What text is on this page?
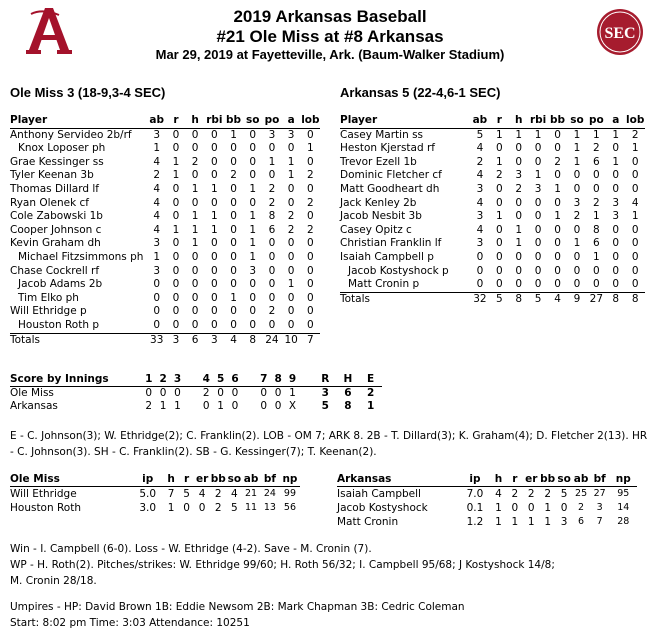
SEC
2019 Arkansas Baseball
#21 Ole Miss at #8 Arkansas
Mar 29, 2019 at Fayetteville, Ark. (Baum-Walker Stadium)
Ole Miss 3 (18-9,3-4 SEC)	Arkansas 5 (22-4,6-1 SEC)
Player	ab	r	h	rbi	bb	so	po	a	lob
Anthony Servideo 2b/rf	3	0	0	0	1	0	3	3	0
Knox Loposer ph	1	0	0	0	0	0	0	0	1
Grae Kessinger ss	4	1	2	0	0	0	1	1	0
Tyler Keenan 3b	2	1	0	0	2	0	0	1	2
Thomas Dillard lf	4	0	1	1	0	1	2	0	0
Ryan Olenek cf	4	0	0	0	0	0	2	0	2
Cole Zabowski 1b	4	0	1	1	0	1	8	2	0
Cooper Johnson c	4	1	1	1	0	1	6	2	2
Kevin Graham dh	3	0	1	0	0	1	0	0	0
Michael Fitzsimmons ph	1	0	0	0	0	1	0	0	0
Chase Cockrell rf	3	0	0	0	0	3	0	0	0
Jacob Adams 2b	0	0	0	0	0	0	0	1	0
Tim Elko ph	0	0	0	0	1	0	0	0	0
Will Ethridge p	0	0	0	0	0	0	2	0	0
Houston Roth p	0	0	0	0	0	0	0	0	0
Totals	33	3	6	3	4	8	24	10	7
Player	ab	r	h	rbi	bb	so	po	a	lob
Casey Martin ss	5	1	1	1	0	1	1	1	2
Heston Kjerstad rf	4	0	0	0	0	1	2	0	1
Trevor Ezell 1b	2	1	0	0	2	1	6	1	0
Dominic Fletcher cf	4	2	3	1	0	0	0	0	0
Matt Goodheart dh	3	0	2	3	1	0	0	0	0
Jack Kenley 2b	4	0	0	0	0	3	2	3	4
Jacob Nesbit 3b	3	1	0	0	1	2	1	3	1
Casey Opitz c	4	0	1	0	0	0	8	0	0
Christian Franklin lf	3	0	1	0	0	1	6	0	0
Isaiah Campbell p	0	0	0	0	0	0	1	0	0
Jacob Kostyshock p	0	0	0	0	0	0	0	0	0
Matt Cronin p	0	0	0	0	0	0	0	0	0
Totals	32	5	8	5	4	9	27	8	8
Score by Innings	1	2	3		4	5	6		7	8	9		R	H	E
Ole Miss	0	0	0		2	0	0		0	0	1		3	6	2
Arkansas	2	1	1		0	1	0		0	0	X		5	8	1
E - C. Johnson(3); W. Ethridge(2); C. Franklin(2). LOB - OM 7; ARK 8. 2B - T. Dillard(3); K. Graham(4); D. Fletcher 2(13). HR - C. Johnson(3). SH - C. Franklin(2). SB - G. Kessinger(7); T. Keenan(2).
Ole Miss	ip	h	r	er	bb	so	ab	bf	np
Will Ethridge	5.0	7	5	4	2	4	21	24	99
Houston Roth	3.0	1	0	0	2	5	11	13	56
Arkansas	ip	h	r	er	bb	so	ab	bf	np
Isaiah Campbell	7.0	4	2	2	2	5	25	27	95
Jacob Kostyshock	0.1	1	0	0	1	0	2	3	14
Matt Cronin	1.2	1	1	1	1	3	6	7	28
Win - I. Campbell (6-0). Loss - W. Ethridge (4-2). Save - M. Cronin (7).
WP - H. Roth(2). Pitches/strikes: W. Ethridge 99/60; H. Roth 56/32; I. Campbell 95/68; J Kostyshock 14/8; M. Cronin 28/18.
Umpires - HP: David Brown 1B: Eddie Newsom 2B: Mark Chapman 3B: Cedric Coleman
Start: 8:02 pm Time: 3:03 Attendance: 10251
